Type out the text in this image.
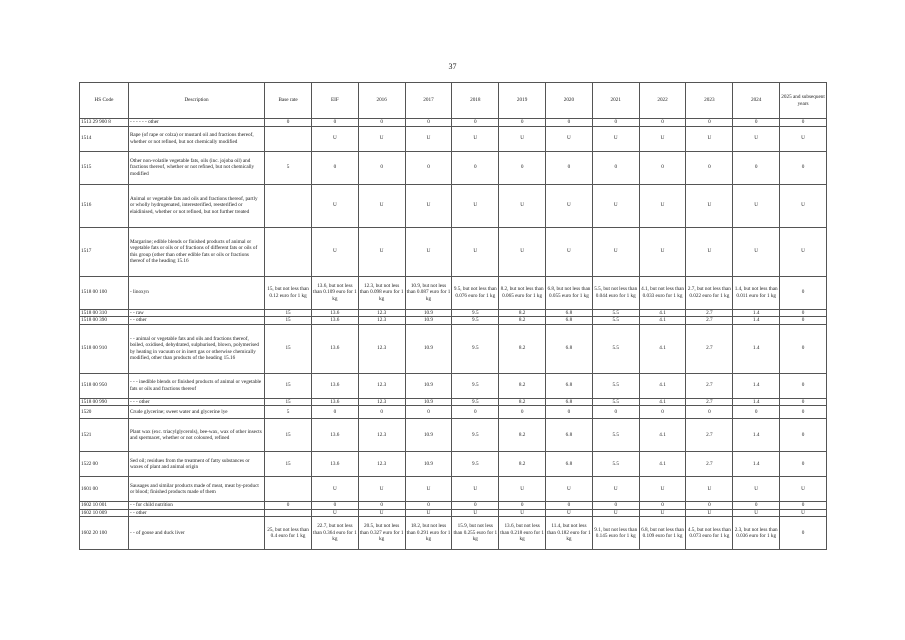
37
HS Code	Description	Base rate	EIF	2016	2017	2018	2019	2020	2021	2022	2023	2024	2025 and subsequent years
1513 29 900 8	- - - - - - other	0	0	0	0	0	0	0	0	0	0	0	0
1514	Rape (of rape or colza) or mustard oil and fractions thereof, whether or not refined, but not chemically modified		U	U	U	U	U	U	U	U	U	U	U
1515	Other non-volatile vegetable fats, oils (inc. jojoba oil) and fractions thereof, whether or not refined, but not chemically modified	5	0	0	0	0	0	0	0	0	0	0	0
1516	Animal or vegetable fats and oils and fractions thereof, partly or wholly hydrogenated, interesterified, reesterified or elaidinised, whether or not refined, but not further treated		U	U	U	U	U	U	U	U	U	U	U
1517	Margarine; edible blends or finished products of animal or vegetable fats or oils or of fractions of different fats or oils of this group (other than other edible fats or oils or fractions thereof of the heading 15.16		U	U	U	U	U	U	U	U	U	U	U
1518 00 100	- linoxyn	15, but not less than 0.12 euro for 1 kg	13.6, but not less than 0.109 euro for 1 kg	12.3, but not less than 0.098 euro for 1 kg	10.9, but not less than 0.087 euro for 1 kg	9.5, but not less than 0.076 euro for 1 kg	8.2, but not less than 0.065 euro for 1 kg	6.8, but not less than 0.055 euro for 1 kg	5.5, but not less than 0.044 euro for 1 kg	4.1, but not less than 0.033 euro for 1 kg	2.7, but not less than 0.022 euro for 1 kg	1.4, but not less than 0.011 euro for 1 kg	0
1518 00 310	- - raw	15	13.6	12.3	10.9	9.5	8.2	6.8	5.5	4.1	2.7	1.4	0
1518 00 390	- - other	15	13.6	12.3	10.9	9.5	8.2	6.8	5.5	4.1	2.7	1.4	0
1518 00 910	- - animal or vegetable fats and oils and fractions thereof, boiled, oxidised, dehydrated, sulphurised, blown, polymerised by heating in vacuum or in inert gas or otherwise chemically modified, other than products of the heading 15.16	15	13.6	12.3	10.9	9.5	8.2	6.8	5.5	4.1	2.7	1.4	0
1518 00 950	- - - inedible blends or finished products of animal or vegetable fats or oils and fractions thereof	15	13.6	12.3	10.9	9.5	8.2	6.8	5.5	4.1	2.7	1.4	0
1518 00 990	- - - other	15	13.6	12.3	10.9	9.5	8.2	6.8	5.5	4.1	2.7	1.4	0
1520	Crude glycerine; sweet water and glycerine lye	5	0	0	0	0	0	0	0	0	0	0	0
1521	Plant wax (exc. triacylglycerols), bee-wax, wax of other insects and spermacet, whether or not coloured, refined	15	13.6	12.3	10.9	9.5	8.2	6.8	5.5	4.1	2.7	1.4	0
1522 00	Sed oil; residues from the treatment of fatty substances or waxes of plant and animal origin	15	13.6	12.3	10.9	9.5	8.2	6.8	5.5	4.1	2.7	1.4	0
1601 00	Sausages and similar products made of meat, meat by-product or blood; finished products made of them		U	U	U	U	U	U	U	U	U	U	U
1602 10 001	- - for child nutrition	0	0	0	0	0	0	0	0	0	0	0	0
1602 10 009	- - other		U	U	U	U	U	U	U	U	U	U	U
1602 20 100	- - of goose and duck liver	25, but not less than 0.4 euro for 1 kg	22.7, but not less than 0.364 euro for 1 kg	20.5, but not less than 0.327 euro for 1 kg	18.2, but not less than 0.291 euro for 1 kg	15.9, but not less than 0.255 euro for 1 kg	13.6, but not less than 0.218 euro for 1 kg	11.4, but not less than 0.182 euro for 1 kg	9.1, but not less than 0.145 euro for 1 kg	6.8, but not less than 0.109 euro for 1 kg	4.5, but not less than 0.073 euro for 1 kg	2.3, but not less than 0.036 euro for 1 kg	0
